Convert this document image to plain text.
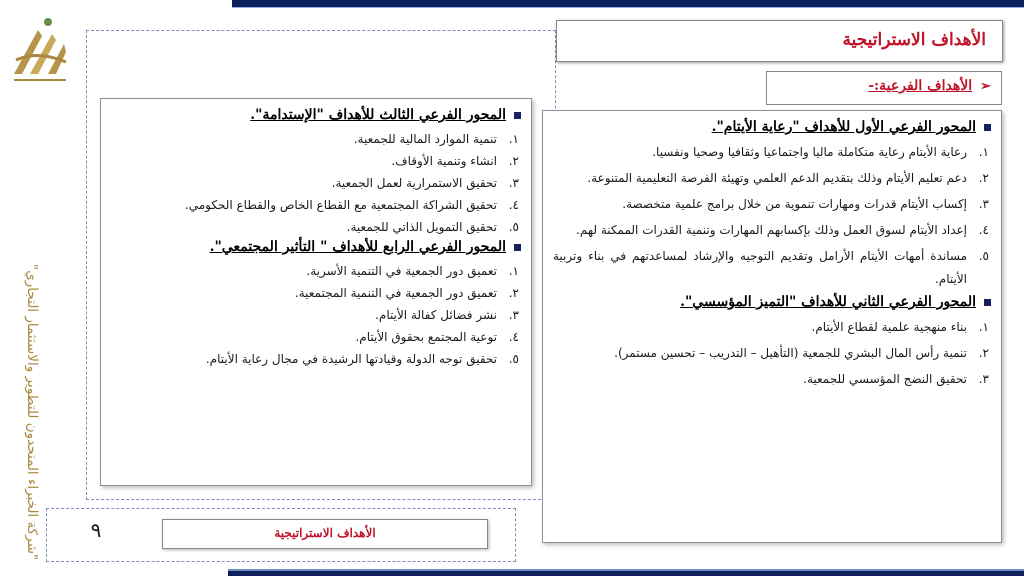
"شركة الخبراء المتحدون للتطوير والاستثمار التجاري"
الأهداف الاستراتيجية
➢الأهداف الفرعية:-
المحور الفرعي الأول للأهداف "رعاية الأيتام".
١.
رعاية الأيتام رعاية متكاملة ماليا واجتماعيا وثقافيا وصحيا ونفسيا.
٢.
دعم تعليم الأيتام وذلك بتقديم الدعم العلمي وتهيئة الفرصة التعليمية المتنوعة.
٣.
إكساب الأيتام قدرات ومهارات تنموية من خلال برامج علمية متخصصة.
٤.
إعداد الأيتام لسوق العمل وذلك بإكسابهم المهارات وتنمية القدرات الممكنة لهم.
٥.
مساندة أمهات الأيتام الأرامل وتقديم التوجيه والإرشاد لمساعدتهم في بناء وتربية الأيتام.
المحور الفرعي الثاني للأهداف "التميز المؤسسي".
١.
بناء منهجية علمية لقطاع الأيتام.
٢.
تنمية رأس المال البشري للجمعية (التأهيل – التدريب – تحسين مستمر).
٣.
تحقيق النضج المؤسسي للجمعية.
المحور الفرعي الثالث للأهداف "الإستدامة".
١.
تنمية الموارد المالية للجمعية.
٢.
انشاء وتنمية الأوقاف.
٣.
تحقيق الاستمرارية لعمل الجمعية.
٤.
تحقيق الشراكة المجتمعية مع القطاع الخاص والقطاع الحكومي.
٥.
تحقيق التمويل الذاتي للجمعية.
المحور الفرعي الرابع للأهداف " التأثير المجتمعي".
١.
تعميق دور الجمعية في التنمية الأسرية.
٢.
تعميق دور الجمعية في التنمية المجتمعية.
٣.
نشر فضائل كفالة الأيتام.
٤.
توعية المجتمع بحقوق الأيتام.
٥.
تحقيق توجه الدولة وقيادتها الرشيدة في مجال رعاية الأيتام.
٩	الأهداف الاستراتيجية
